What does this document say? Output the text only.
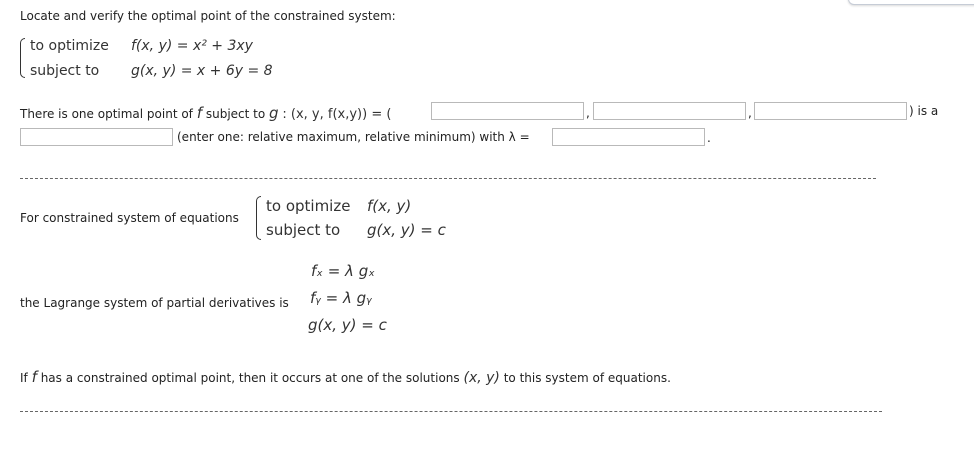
Locate and verify the optimal point of the constrained system:
to optimize f(x, y) = x² + 3xy
subject to g(x, y) = x + 6y = 8
There is one optimal point of f subject to g : (x, y, f(x,y)) = (	,	,	) is a
(enter one: relative maximum, relative minimum) with λ =	.
For constrained system of equations
to optimize f(x, y)
subject to g(x, y) = c
fₓ = λ gₓ
the Lagrange system of partial derivatives is fᵧ = λ gᵧ
g(x, y) = c
If f has a constrained optimal point, then it occurs at one of the solutions (x, y) to this system of equations.
